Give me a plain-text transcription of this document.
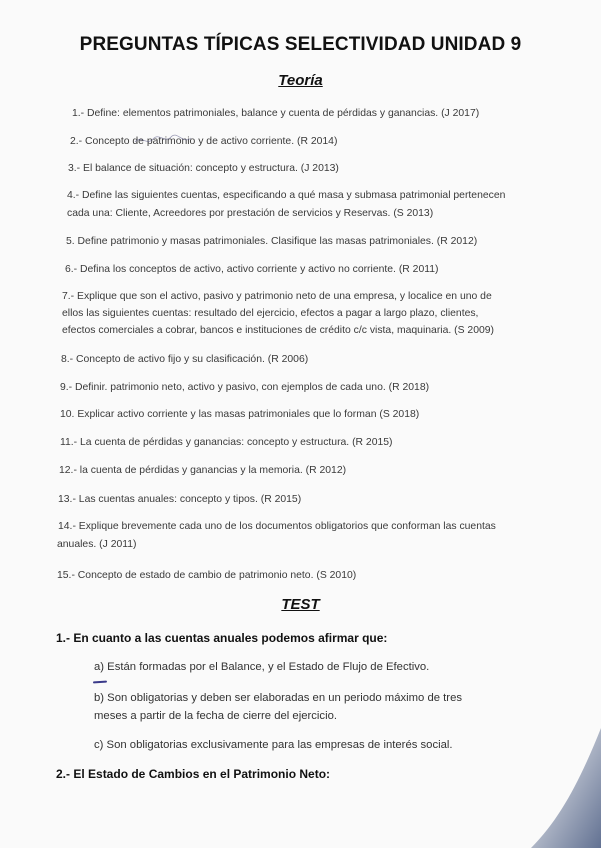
PREGUNTAS TÍPICAS SELECTIVIDAD UNIDAD 9
Teoría
1.- Define: elementos patrimoniales, balance y cuenta de pérdidas y ganancias. (J 2017)
2.- Concepto de patrimonio y de activo corriente. (R 2014)
3.- El balance de situación: concepto y estructura. (J 2013)
4.- Define las siguientes cuentas, especificando a qué masa y submasa patrimonial pertenecen
cada una: Cliente, Acreedores por prestación de servicios y Reservas. (S 2013)
5. Define patrimonio y masas patrimoniales. Clasifique las masas patrimoniales. (R 2012)
6.- Defina los conceptos de activo, activo corriente y activo no corriente. (R 2011)
7.- Explique que son el activo, pasivo y patrimonio neto de una empresa, y localice en uno de
ellos las siguientes cuentas: resultado del ejercicio, efectos a pagar a largo plazo, clientes,
efectos comerciales a cobrar, bancos e instituciones de crédito c/c vista, maquinaria. (S 2009)
8.- Concepto de activo fijo y su clasificación. (R 2006)
9.- Definir. patrimonio neto, activo y pasivo, con ejemplos de cada uno. (R 2018)
10. Explicar activo corriente y las masas patrimoniales que lo forman (S 2018)
11.- La cuenta de pérdidas y ganancias: concepto y estructura. (R 2015)
12.- la cuenta de pérdidas y ganancias y la memoria. (R 2012)
13.- Las cuentas anuales: concepto y tipos. (R 2015)
14.- Explique brevemente cada uno de los documentos obligatorios que conforman las cuentas
anuales. (J 2011)
15.- Concepto de estado de cambio de patrimonio neto. (S 2010)
TEST
1.- En cuanto a las cuentas anuales podemos afirmar que:
a) Están formadas por el Balance, y el Estado de Flujo de Efectivo.
b) Son obligatorias y deben ser elaboradas en un periodo máximo de tres
meses a partir de la fecha de cierre del ejercicio.
c) Son obligatorias exclusivamente para las empresas de interés social.
2.- El Estado de Cambios en el Patrimonio Neto:
